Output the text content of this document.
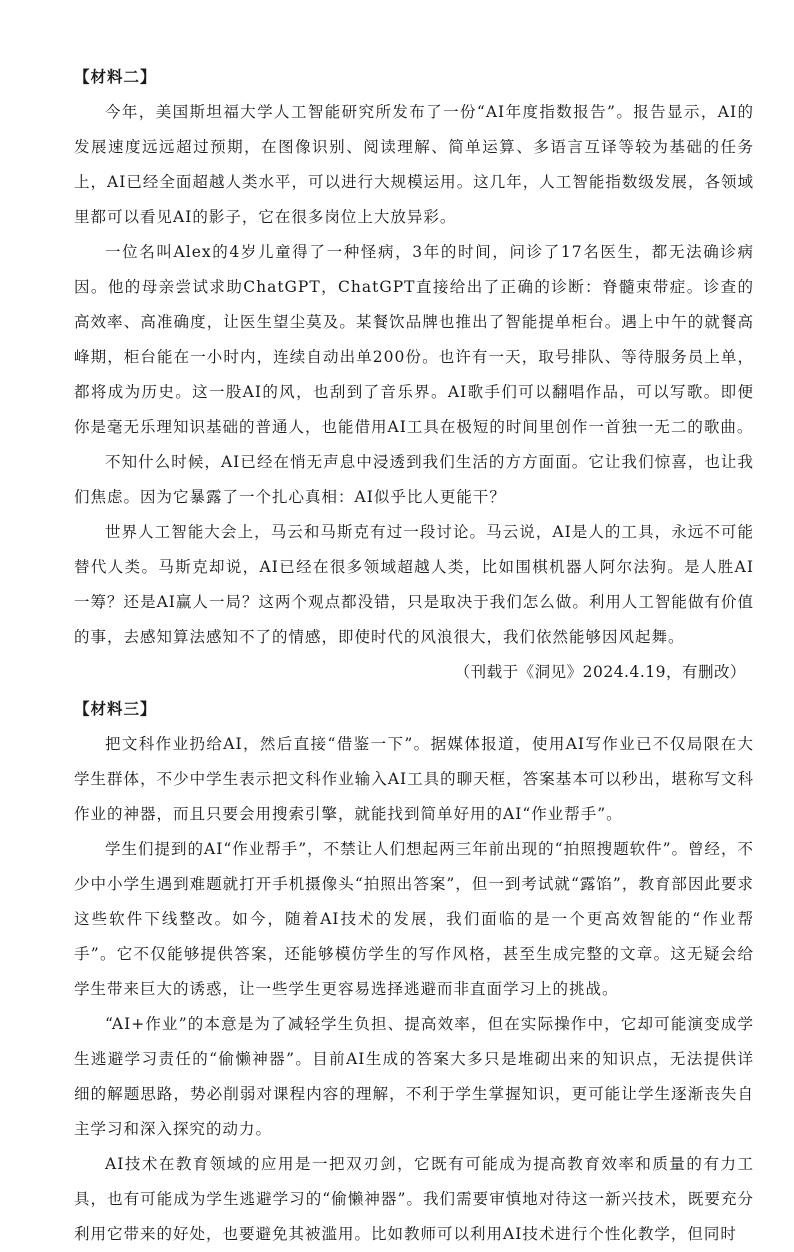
【材料二】

今年，美国斯坦福大学人工智能研究所发布了一份“AI年度指数报告”。报告显示，AI的发展速度远远超过预期，在图像识别、阅读理解、简单运算、多语言互译等较为基础的任务上，AI已经全面超越人类水平，可以进行大规模运用。这几年，人工智能指数级发展，各领域里都可以看见AI的影子，它在很多岗位上大放异彩。

一位名叫Alex的4岁儿童得了一种怪病，3年的时间，问诊了17名医生，都无法确诊病因。他的母亲尝试求助ChatGPT，ChatGPT直接给出了正确的诊断：脊髓束带症。诊查的高效率、高准确度，让医生望尘莫及。某餐饮品牌也推出了智能提单柜台。遇上中午的就餐高峰期，柜台能在一小时内，连续自动出单200份。也许有一天，取号排队、等待服务员上单，都将成为历史。这一股AI的风，也刮到了音乐界。AI歌手们可以翻唱作品，可以写歌。即便你是毫无乐理知识基础的普通人，也能借用AI工具在极短的时间里创作一首独一无二的歌曲。

不知什么时候，AI已经在悄无声息中浸透到我们生活的方方面面。它让我们惊喜，也让我们焦虑。因为它暴露了一个扎心真相：AI似乎比人更能干？

世界人工智能大会上，马云和马斯克有过一段讨论。马云说，AI是人的工具，永远不可能替代人类。马斯克却说，AI已经在很多领域超越人类，比如围棋机器人阿尔法狗。是人胜AI一筹？还是AI赢人一局？这两个观点都没错，只是取决于我们怎么做。利用人工智能做有价值的事，去感知算法感知不了的情感，即使时代的风浪很大，我们依然能够因风起舞。

（刊载于《洞见》2024.4.19，有删改）

【材料三】

把文科作业扔给AI，然后直接“借鉴一下”。据媒体报道，使用AI写作业已不仅局限在大学生群体，不少中学生表示把文科作业输入AI工具的聊天框，答案基本可以秒出，堪称写文科作业的神器，而且只要会用搜索引擎，就能找到简单好用的AI“作业帮手”。

学生们提到的AI“作业帮手”，不禁让人们想起两三年前出现的“拍照搜题软件”。曾经，不少中小学生遇到难题就打开手机摄像头“拍照出答案”，但一到考试就“露馅”，教育部因此要求这些软件下线整改。如今，随着AI技术的发展，我们面临的是一个更高效智能的“作业帮手”。它不仅能够提供答案，还能够模仿学生的写作风格，甚至生成完整的文章。这无疑会给学生带来巨大的诱惑，让一些学生更容易选择逃避而非直面学习上的挑战。

“AI+作业”的本意是为了减轻学生负担、提高效率，但在实际操作中，它却可能演变成学生逃避学习责任的“偷懒神器”。目前AI生成的答案大多只是堆砌出来的知识点，无法提供详细的解题思路，势必削弱对课程内容的理解，不利于学生掌握知识，更可能让学生逐渐丧失自主学习和深入探究的动力。

AI技术在教育领域的应用是一把双刃剑，它既有可能成为提高教育效率和质量的有力工具，也有可能成为学生逃避学习的“偷懒神器”。我们需要审慎地对待这一新兴技术，既要充分利用它带来的好处，也要避免其被滥用。比如教师可以利用AI技术进行个性化教学，但同时
